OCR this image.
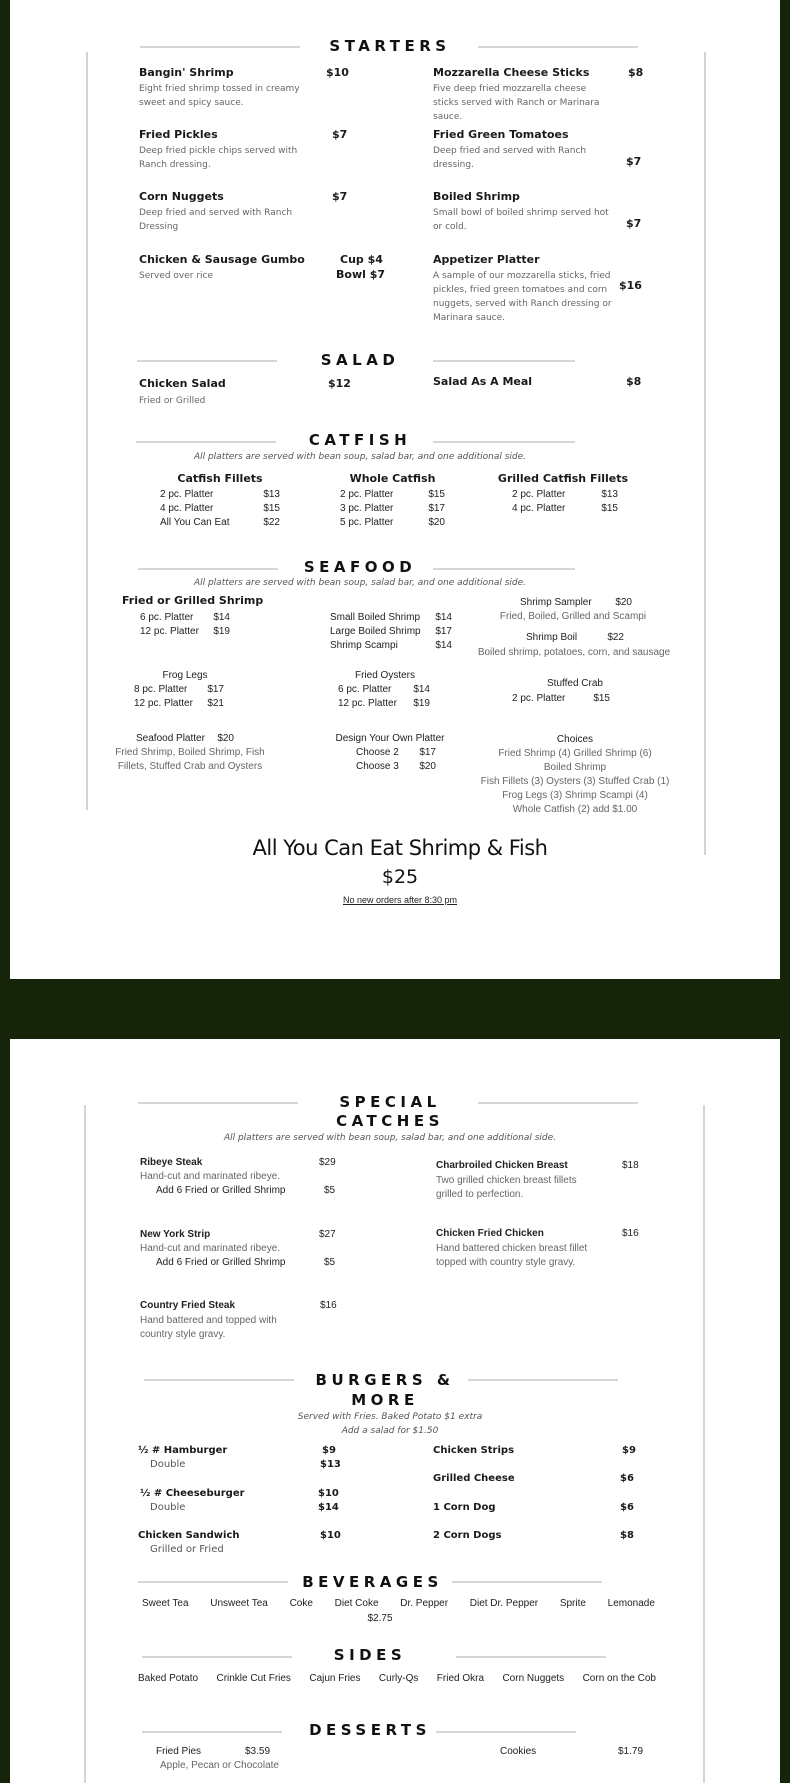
STARTERS
Bangin' Shrimp	$10
Eight fried shrimp tossed in creamy sweet and spicy sauce.
Mozzarella Cheese Sticks	$8
Five deep fried mozzarella cheese sticks served with Ranch or Marinara sauce.
Fried Pickles	$7
Deep fried pickle chips served with Ranch dressing.
Fried Green Tomatoes
$7
Deep fried and served with Ranch dressing.
Corn Nuggets	$7
Deep fried and served with Ranch Dressing
Boiled Shrimp
$7
Small bowl of boiled shrimp served hot or cold.
Chicken & Sausage Gumbo	Cup $4
Bowl $7
Served over rice
Appetizer Platter
$16
A sample of our mozzarella sticks, fried pickles, fried green tomatoes and corn nuggets, served with Ranch dressing or Marinara sauce.
SALAD
Chicken Salad	$12
Fried or Grilled
Salad As A Meal	$8
CATFISH
All platters are served with bean soup, salad bar, and one additional side.
Catfish Fillets
2 pc. Platter	$13
4 pc. Platter	$15
All You Can Eat	$22
Whole Catfish
2 pc. Platter	$15
3 pc. Platter	$17
5 pc. Platter	$20
Grilled Catfish Fillets
2 pc. Platter	$13
4 pc. Platter	$15
SEAFOOD
All platters are served with bean soup, salad bar, and one additional side.
Fried or Grilled Shrimp
6 pc. Platter $14
12 pc. Platter $19
Small Boiled Shrimp $14
Large Boiled Shrimp $17
Shrimp Scampi	$14
Shrimp Sampler $20
Fried, Boiled, Grilled and Scampi
Shrimp Boil	$22
Boiled shrimp, potatoes, corn, and sausage
Frog Legs
8 pc. Platter $17
12 pc. Platter $21
Fried Oysters
6 pc. Platter $14
12 pc. Platter $19
Stuffed Crab
2 pc. Platter	$15
Seafood Platter $20
Fried Shrimp, Boiled Shrimp, Fish
Fillets, Stuffed Crab and Oysters
Design Your Own Platter
Choose 2 $17
Choose 3 $20
Choices
Fried Shrimp (4) Grilled Shrimp (6)
Boiled Shrimp
Fish Fillets (3) Oysters (3) Stuffed Crab (1)
Frog Legs (3) Shrimp Scampi (4)
Whole Catfish (2) add $1.00
All You Can Eat Shrimp & Fish
$25
No new orders after 8:30 pm
SPECIAL
CATCHES
All platters are served with bean soup, salad bar, and one additional side.
Ribeye Steak	$29
Hand-cut and marinated ribeye.
Add 6 Fried or Grilled Shrimp	$5
Charbroiled Chicken Breast	$18
Two grilled chicken breast fillets grilled to perfection.
New York Strip	$27
Hand-cut and marinated ribeye.
Add 6 Fried or Grilled Shrimp	$5
Chicken Fried Chicken	$16
Hand battered chicken breast fillet topped with country style gravy.
Country Fried Steak	$16
Hand battered and topped with country style gravy.
BURGERS &
MORE
Served with Fries. Baked Potato $1 extra
Add a salad for $1.50
½ # Hamburger	$9
Double	$13
½ # Cheeseburger	$10
Double	$14
Chicken Sandwich	$10
Grilled or Fried
Chicken Strips	$9
Grilled Cheese	$6
1 Corn Dog	$6
2 Corn Dogs	$8
BEVERAGES
Sweet Tea Unsweet Tea Coke Diet Coke Dr. Pepper Diet Dr. Pepper Sprite Lemonade
$2.75
SIDES
Baked Potato Crinkle Cut Fries Cajun Fries Curly-Qs Fried Okra Corn Nuggets Corn on the Cob
DESSERTS
Fried Pies	$3.59
Apple, Pecan or Chocolate
Cookies	$1.79
